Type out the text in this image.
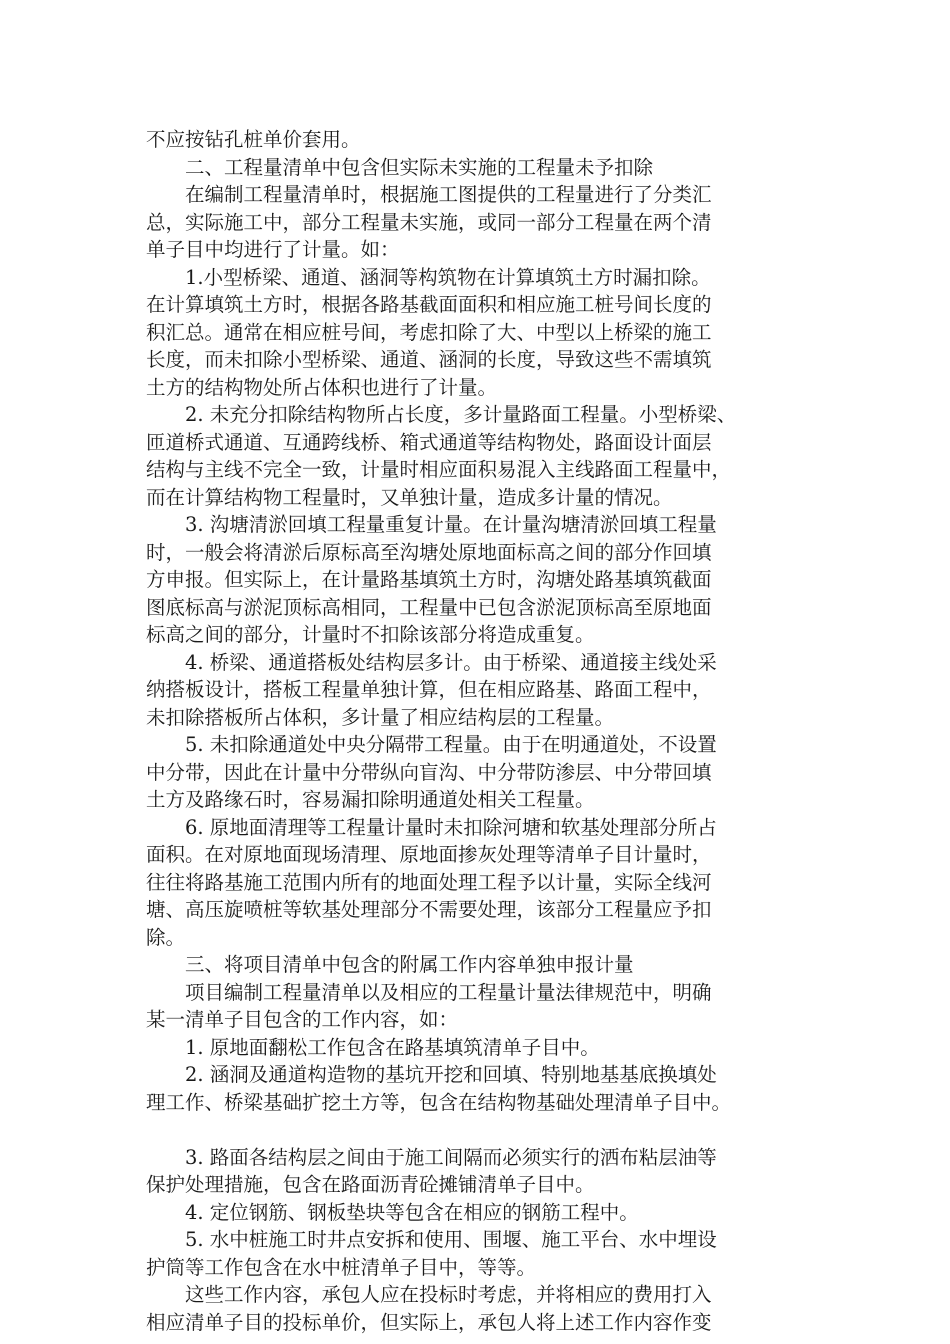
不应按钻孔桩单价套用。
　　二、工程量清单中包含但实际未实施的工程量未予扣除
　　在编制工程量清单时，根据施工图提供的工程量进行了分类汇
总，实际施工中，部分工程量未实施，或同一部分工程量在两个清
单子目中均进行了计量。如：
　　1.小型桥梁、通道、涵洞等构筑物在计算填筑土方时漏扣除。
在计算填筑土方时，根据各路基截面面积和相应施工桩号间长度的
积汇总。通常在相应桩号间，考虑扣除了大、中型以上桥梁的施工
长度，而未扣除小型桥梁、通道、涵洞的长度，导致这些不需填筑
土方的结构物处所占体积也进行了计量。
　　2. 未充分扣除结构物所占长度，多计量路面工程量。小型桥梁、
匝道桥式通道、互通跨线桥、箱式通道等结构物处，路面设计面层
结构与主线不完全一致，计量时相应面积易混入主线路面工程量中，
而在计算结构物工程量时，又单独计量，造成多计量的情况。
　　3. 沟塘清淤回填工程量重复计量。在计量沟塘清淤回填工程量
时，一般会将清淤后原标高至沟塘处原地面标高之间的部分作回填
方申报。但实际上，在计量路基填筑土方时，沟塘处路基填筑截面
图底标高与淤泥顶标高相同，工程量中已包含淤泥顶标高至原地面
标高之间的部分，计量时不扣除该部分将造成重复。
　　4. 桥梁、通道搭板处结构层多计。由于桥梁、通道接主线处采
纳搭板设计，搭板工程量单独计算，但在相应路基、路面工程中，
未扣除搭板所占体积，多计量了相应结构层的工程量。
　　5. 未扣除通道处中央分隔带工程量。由于在明通道处，不设置
中分带，因此在计量中分带纵向盲沟、中分带防渗层、中分带回填
土方及路缘石时，容易漏扣除明通道处相关工程量。
　　6. 原地面清理等工程量计量时未扣除河塘和软基处理部分所占
面积。在对原地面现场清理、原地面掺灰处理等清单子目计量时，
往往将路基施工范围内所有的地面处理工程予以计量，实际全线河
塘、高压旋喷桩等软基处理部分不需要处理，该部分工程量应予扣
除。
　　三、将项目清单中包含的附属工作内容单独申报计量
　　项目编制工程量清单以及相应的工程量计量法律规范中，明确
某一清单子目包含的工作内容，如：
　　1. 原地面翻松工作包含在路基填筑清单子目中。
　　2. 涵洞及通道构造物的基坑开挖和回填、特别地基基底换填处
理工作、桥梁基础扩挖土方等，包含在结构物基础处理清单子目中。
　　3. 路面各结构层之间由于施工间隔而必须实行的洒布粘层油等
保护处理措施，包含在路面沥青砼摊铺清单子目中。
　　4. 定位钢筋、钢板垫块等包含在相应的钢筋工程中。
　　5. 水中桩施工时井点安拆和使用、围堰、施工平台、水中埋设
护筒等工作包含在水中桩清单子目中，等等。
　　这些工作内容，承包人应在投标时考虑，并将相应的费用打入
相应清单子目的投标单价，但实际上，承包人将上述工作内容作变
